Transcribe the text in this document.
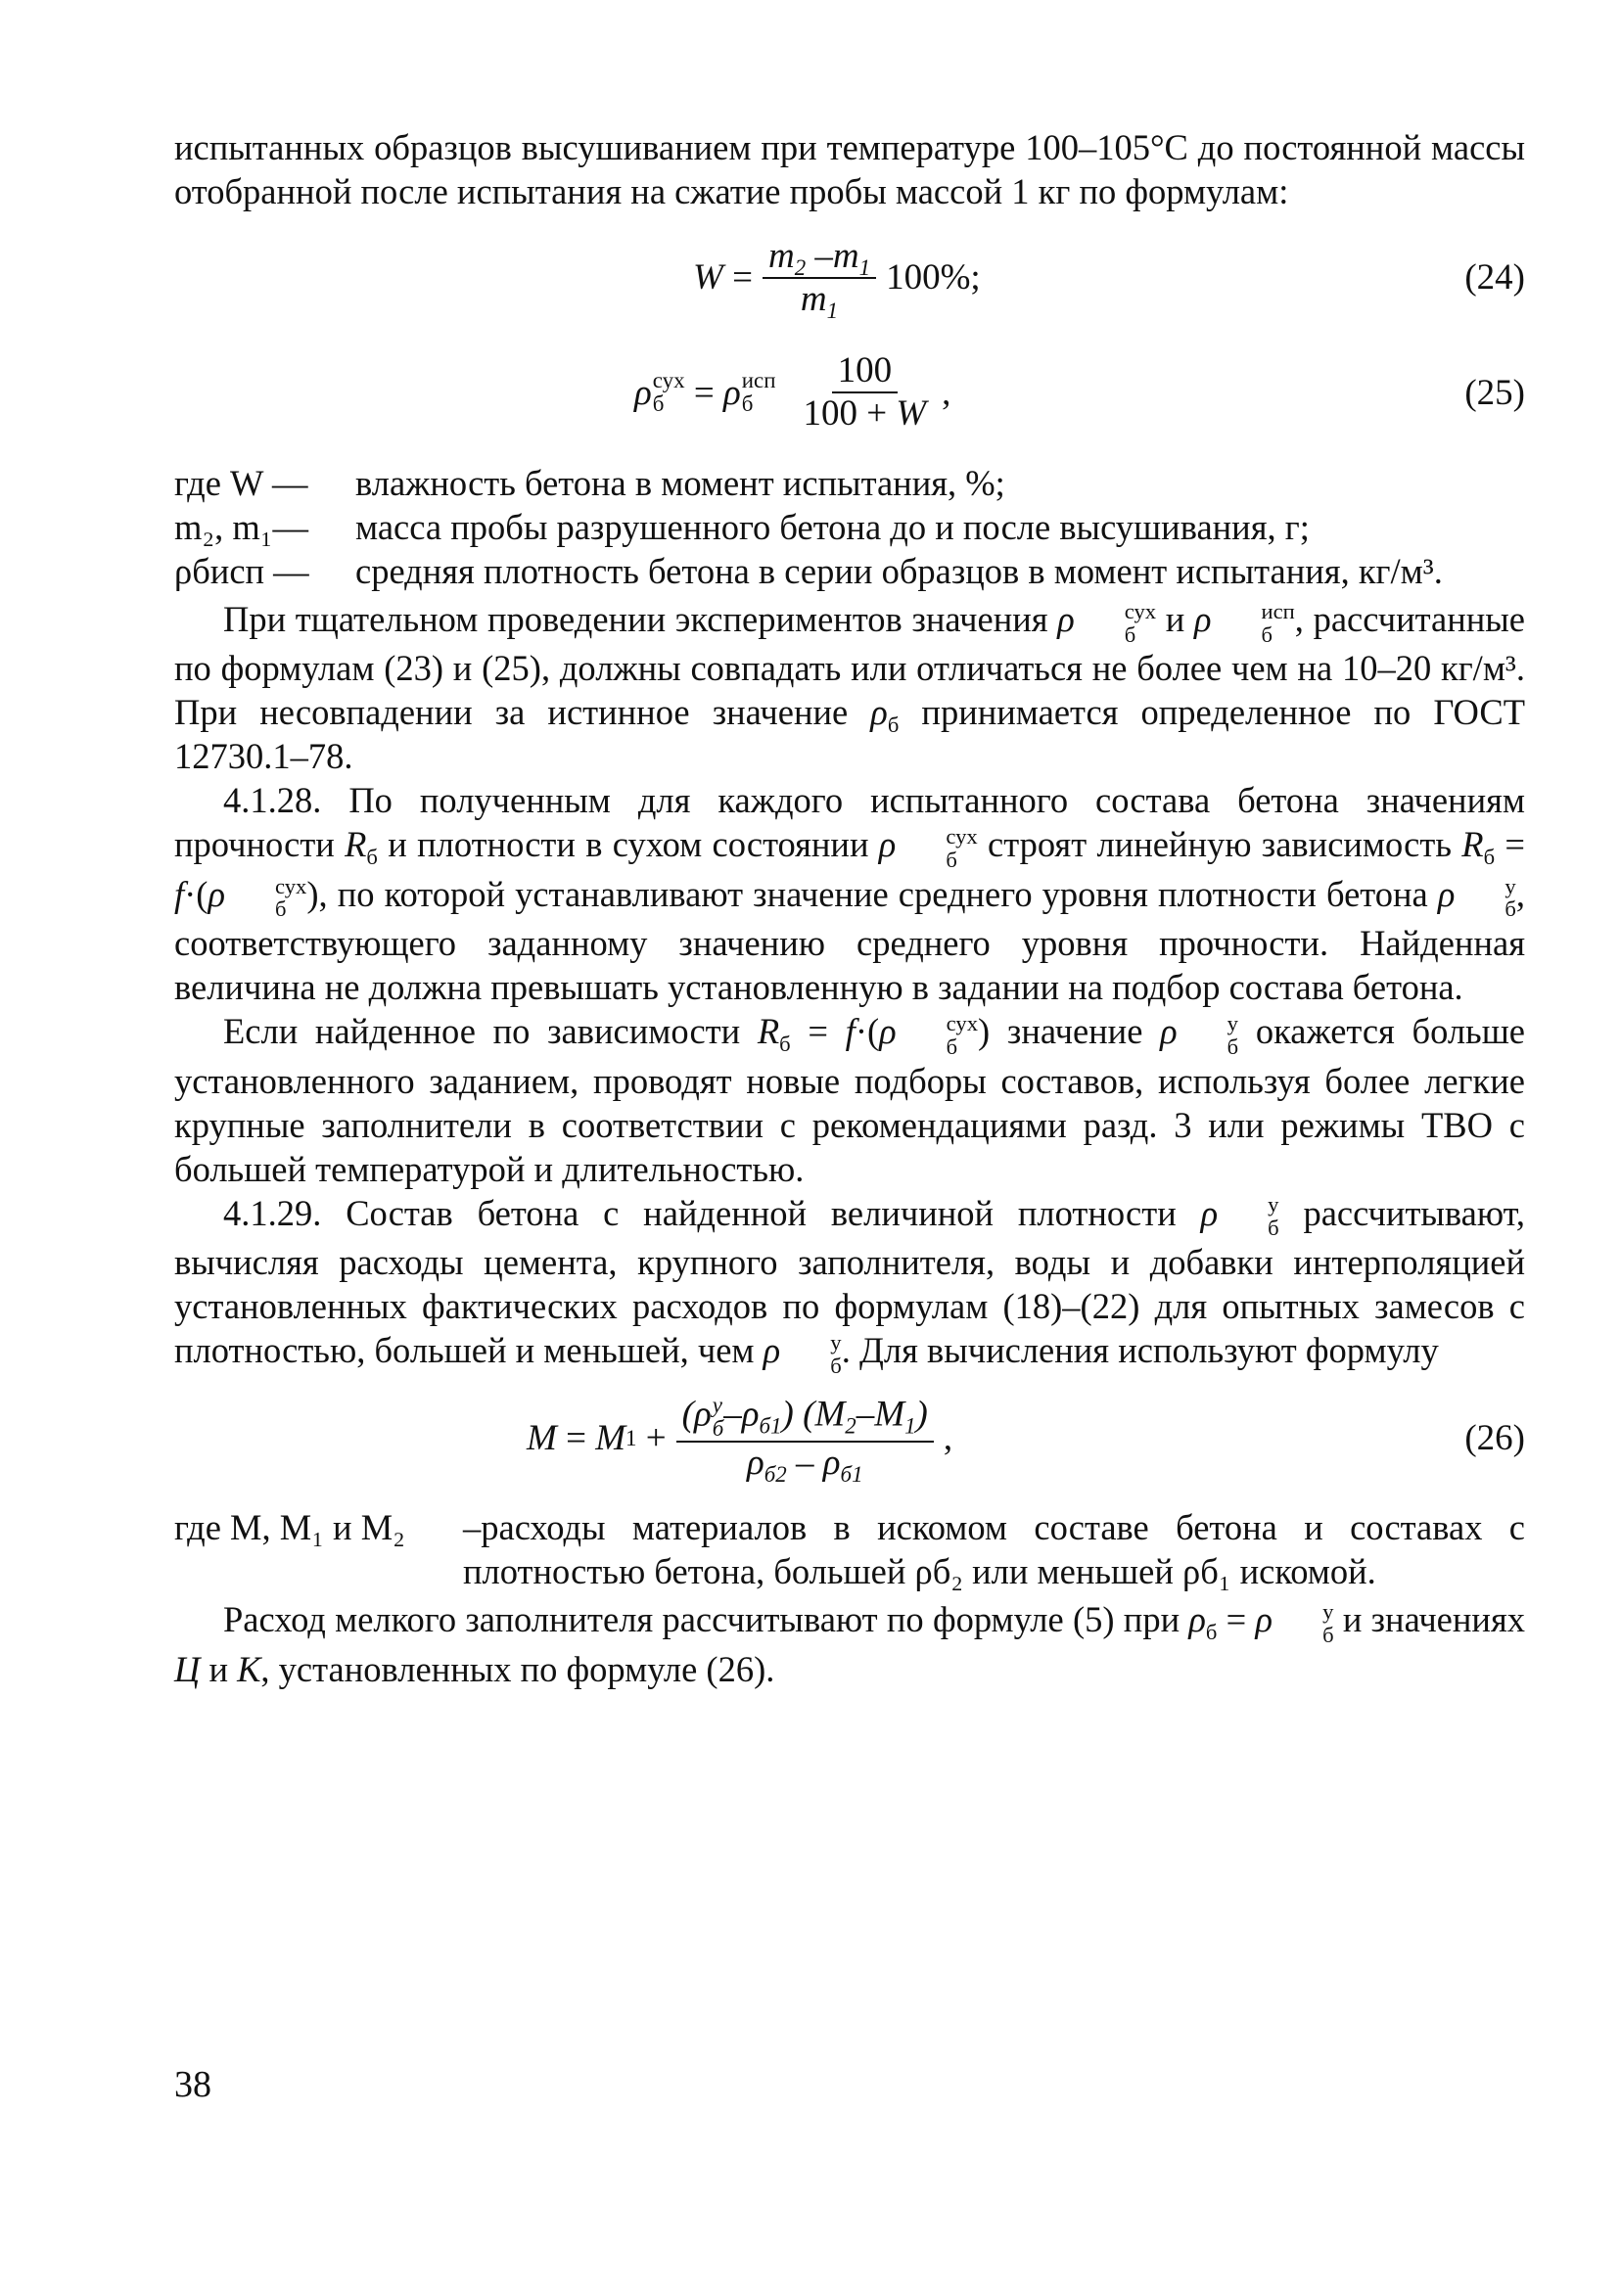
испытанных образцов высушиванием при температуре 100–105°С до постоянной массы отобранной после испытания на сжатие пробы массой 1 кг по формулам:

W
= $\frac{m_2 -m_1}{m_1} 100\%$;	(24)
ρ сух
б
=
ρ исп
б	$\frac{100}{100 + W}$ ,	(25)
где W —	влажность бетона в момент испытания, %;
m₂, m₁—	масса пробы разрушенного бетона до и после высушивания, г;
ρбисп —	средняя плотность бетона в серии образцов в момент испытания, кг/м³.

При тщательном проведении экспериментов значения ρ	сух
б и ρ	исп
б , рассчитанные по формулам (23) и (25), должны совпадать или отличаться не более чем на 10–20 кг/м³. При несовпадении за истинное значение $\rho_б$ принимается определенное по ГОСТ 12730.1–78.

4.1.28. По полученным для каждого испытанного состава бетона значениям прочности $R_б$ и плотности в сухом состоянии ρ	сух
б строят линейную зависимость $R_б = f\cdot(\rho$	сух
б ), по которой устанавливают значение среднего уровня плотности бетона ρ	у
б , соответствующего заданному значению среднего уровня прочности. Найденная величина не должна превышать установленную в задании на подбор состава бетона.

Если найденное по зависимости $R_б = f\cdot(\rho$	сух
б ) значение ρ	у
б окажется больше установленного заданием, проводят новые подборы составов, используя более легкие крупные заполнители в соответствии с рекомендациями разд. 3 или режимы ТВО с большей температурой и длительностью.

4.1.29. Состав бетона с найденной величиной плотности ρ	у
б рассчитывают, вычисляя расходы цемента, крупного заполнителя, воды и добавки интерполяцией установленных фактических расходов по формулам (18)–(22) для опытных замесов с плотностью, большей и меньшей, чем ρ	у
б . Для вычисления используют формулу

M
=
M 1
+ (ρ у
б $-\rho_{б1}$) $(M_2-M_1)$
$\rho_{б2} - \rho_{б1}$ ,	(26)
где M, M₁ и M₂	–расходы материалов в искомом составе бетона и составах с плотностью бетона, большей ρб₂ или меньшей ρб₁ искомой.

Расход мелкого заполнителя рассчитывают по формуле (5) при $\rho_б = \rho$	у
б и значениях Ц и К, установленных по формуле (26).

38
